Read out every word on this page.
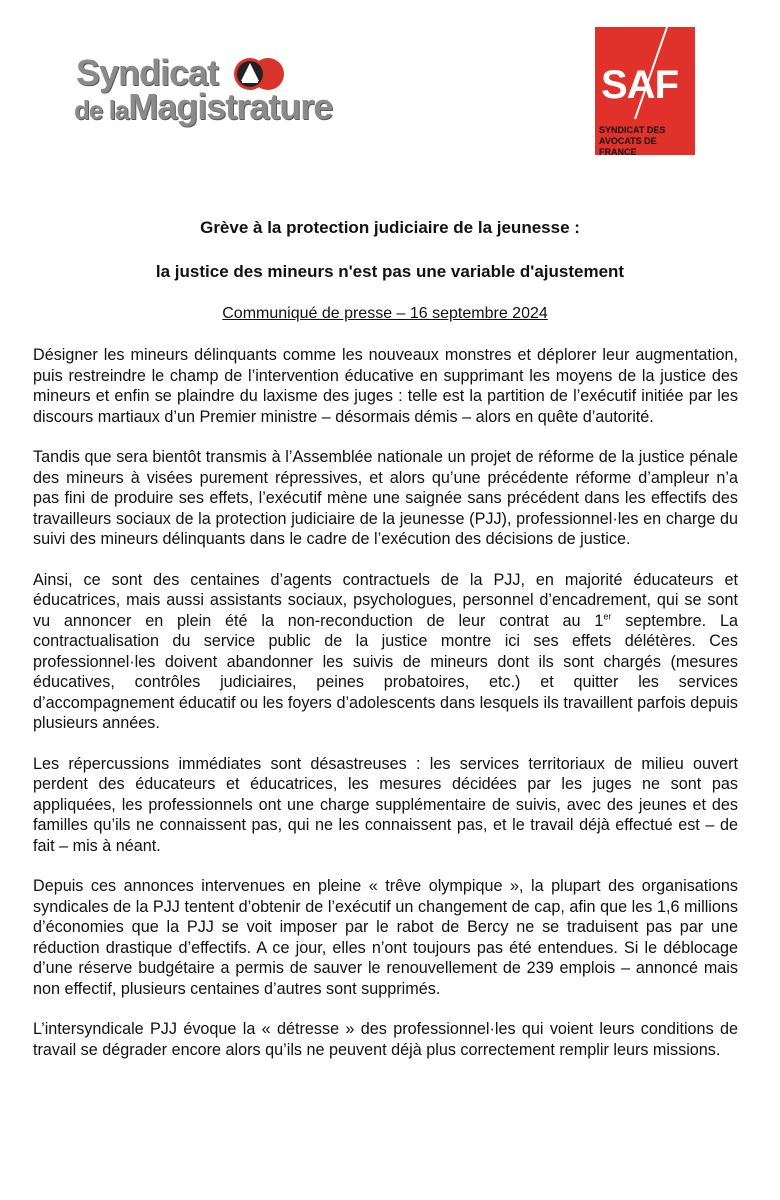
Syndicat
de laMagistrature	SAF
SYNDICAT DES
AVOCATS DE FRANCE
Grève à la protection judiciaire de la jeunesse :
la justice des mineurs n'est pas une variable d'ajustement
Communiqué de presse – 16 septembre 2024

Désigner les mineurs délinquants comme les nouveaux monstres et déplorer leur augmentation, puis restreindre le champ de l’intervention éducative en supprimant les moyens de la justice des mineurs et enfin se plaindre du laxisme des juges : telle est la partition de l’exécutif initiée par les discours martiaux d’un Premier ministre – désormais démis – alors en quête d’autorité.

Tandis que sera bientôt transmis à l’Assemblée nationale un projet de réforme de la justice pénale des mineurs à visées purement répressives, et alors qu’une précédente réforme d’ampleur n’a pas fini de produire ses effets, l’exécutif mène une saignée sans précédent dans les effectifs des travailleurs sociaux de la protection judiciaire de la jeunesse (PJJ), professionnel·les en charge du suivi des mineurs délinquants dans le cadre de l’exécution des décisions de justice.

Ainsi, ce sont des centaines d’agents contractuels de la PJJ, en majorité éducateurs et éducatrices, mais aussi assistants sociaux, psychologues, personnel d’encadrement, qui se sont vu annoncer en plein été la non-reconduction de leur contrat au 1er septembre. La contractualisation du service public de la justice montre ici ses effets délétères. Ces professionnel·les doivent abandonner les suivis de mineurs dont ils sont chargés (mesures éducatives, contrôles judiciaires, peines probatoires, etc.) et quitter les services d’accompagnement éducatif ou les foyers d’adolescents dans lesquels ils travaillent parfois depuis plusieurs années.

Les répercussions immédiates sont désastreuses : les services territoriaux de milieu ouvert perdent des éducateurs et éducatrices, les mesures décidées par les juges ne sont pas appliquées, les professionnels ont une charge supplémentaire de suivis, avec des jeunes et des familles qu’ils ne connaissent pas, qui ne les connaissent pas, et le travail déjà effectué est – de fait – mis à néant.

Depuis ces annonces intervenues en pleine « trêve olympique », la plupart des organisations syndicales de la PJJ tentent d’obtenir de l’exécutif un changement de cap, afin que les 1,6 millions d’économies que la PJJ se voit imposer par le rabot de Bercy ne se traduisent pas par une réduction drastique d’effectifs. A ce jour, elles n’ont toujours pas été entendues. Si le déblocage d’une réserve budgétaire a permis de sauver le renouvellement de 239 emplois – annoncé mais non effectif, plusieurs centaines d’autres sont supprimés.

L’intersyndicale PJJ évoque la « détresse » des professionnel·les qui voient leurs conditions de travail se dégrader encore alors qu’ils ne peuvent déjà plus correctement remplir leurs missions.
